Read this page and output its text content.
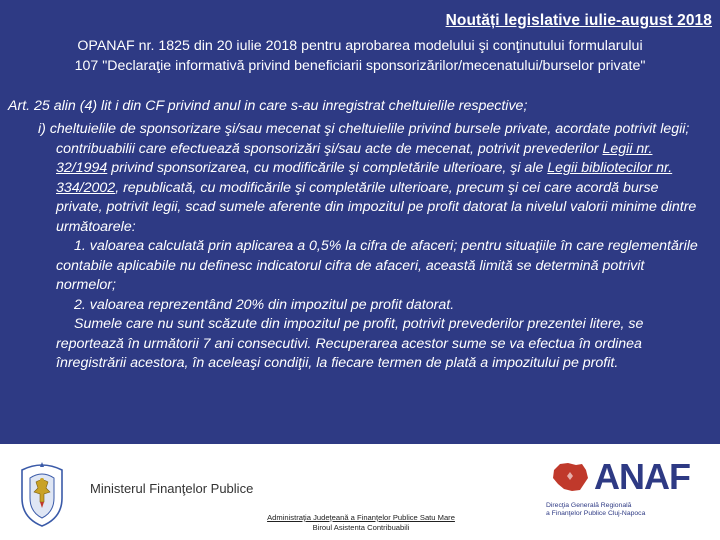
Noutăți legislative iulie-august 2018
OPANAF nr. 1825 din 20 iulie 2018 pentru aprobarea modelului şi conţinutului formularului
107 "Declaraţie informativă privind beneficiarii sponsorizărilor/mecenatului/burselor private"
Art. 25 alin (4) lit i din CF privind anul in care s-au inregistrat cheltuielile respective;

i) cheltuielile de sponsorizare şi/sau mecenat şi cheltuielile privind bursele private, acordate potrivit legii; contribuabilii care efectuează sponsorizări şi/sau acte de mecenat, potrivit prevederilor Legii nr. 32/1994 privind sponsorizarea, cu modificările şi completările ulterioare, şi ale Legii bibliotecilor nr. 334/2002, republicată, cu modificările şi completările ulterioare, precum şi cei care acordă burse private, potrivit legii, scad sumele aferente din impozitul pe profit datorat la nivelul valorii minime dintre următoarele:

1. valoarea calculată prin aplicarea a 0,5% la cifra de afaceri; pentru situaţiile în care reglementările contabile aplicabile nu definesc indicatorul cifra de afaceri, această limită se determină potrivit normelor;

2. valoarea reprezentând 20% din impozitul pe profit datorat.

Sumele care nu sunt scăzute din impozitul pe profit, potrivit prevederilor prezentei litere, se reportează în următorii 7 ani consecutivi. Recuperarea acestor sume se va efectua în ordinea înregistrării acestora, în aceleaşi condiţii, la fiecare termen de plată a impozitului pe profit.

Ministerul Finanţelor Publice
Administraţia Judeţeană a Finanţelor Publice Satu Mare
Biroul Asistenta Contribuabili
ANAF
Direcţia Generală Regională
a Finanţelor Publice Cluj-Napoca
